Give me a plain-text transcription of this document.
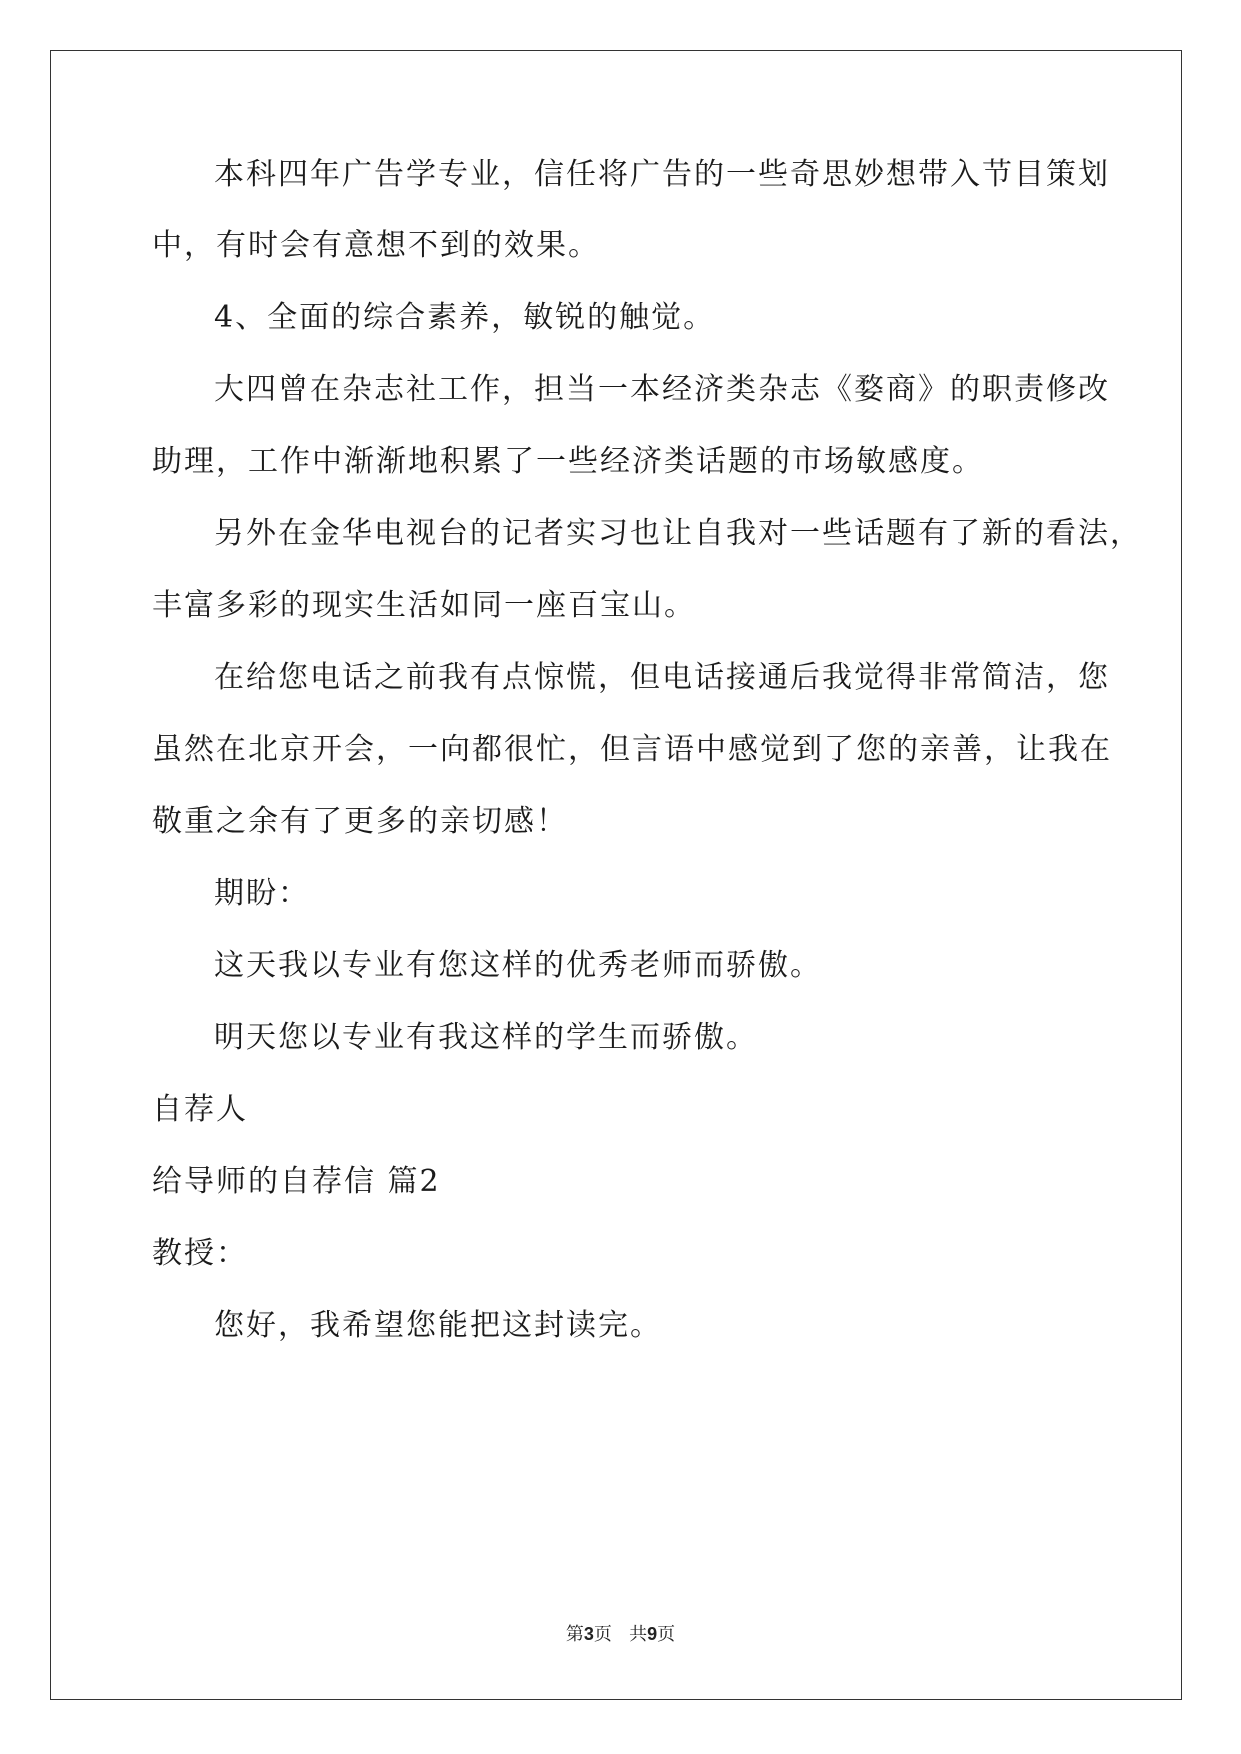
本科四年广告学专业，信任将广告的一些奇思妙想带入节目策划
中，有时会有意想不到的效果。
4、全面的综合素养，敏锐的触觉。
大四曾在杂志社工作，担当一本经济类杂志《婺商》的职责修改
助理，工作中渐渐地积累了一些经济类话题的市场敏感度。
另外在金华电视台的记者实习也让自我对一些话题有了新的看法，
丰富多彩的现实生活如同一座百宝山。
在给您电话之前我有点惊慌，但电话接通后我觉得非常简洁，您
虽然在北京开会，一向都很忙，但言语中感觉到了您的亲善，让我在
敬重之余有了更多的亲切感！
期盼：
这天我以专业有您这样的优秀老师而骄傲。
明天您以专业有我这样的学生而骄傲。
自荐人
给导师的自荐信 篇2
教授：
您好，我希望您能把这封读完。
第3页 共9页
